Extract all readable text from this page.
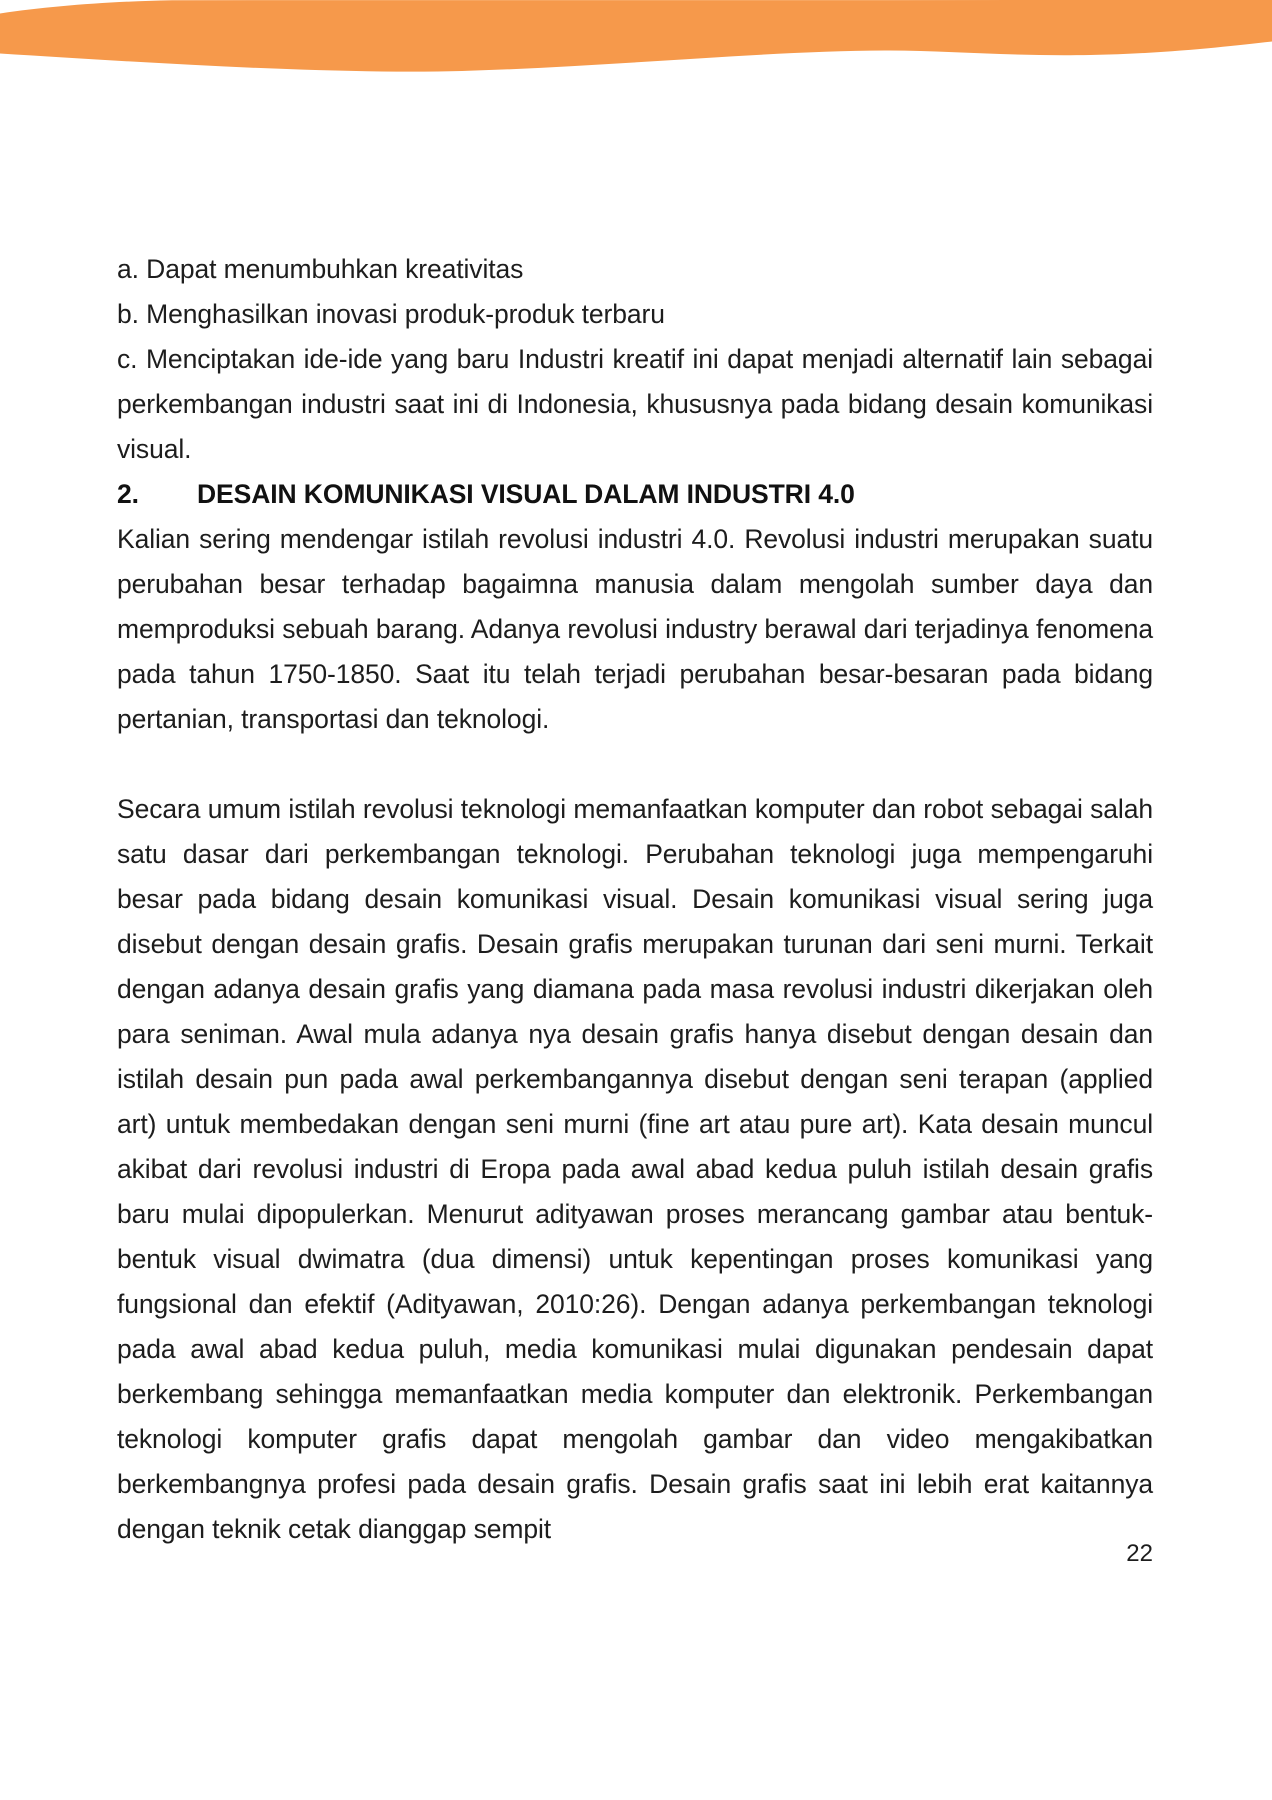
a. Dapat menumbuhkan kreativitas

b. Menghasilkan inovasi produk-produk terbaru

c. Menciptakan ide-ide yang baru Industri kreatif ini dapat menjadi alternatif lain sebagai perkembangan industri saat ini di Indonesia, khususnya pada bidang desain komunikasi visual.

2.	DESAIN KOMUNIKASI VISUAL DALAM INDUSTRI 4.0

Kalian sering mendengar istilah revolusi industri 4.0. Revolusi industri merupakan suatu perubahan besar terhadap bagaimna manusia dalam mengolah sumber daya dan memproduksi sebuah barang. Adanya revolusi industry berawal dari terjadinya fenomena pada tahun 1750-1850. Saat itu telah terjadi perubahan besar-besaran pada bidang pertanian, transportasi dan teknologi.

Secara umum istilah revolusi teknologi memanfaatkan komputer dan robot sebagai salah satu dasar dari perkembangan teknologi. Perubahan teknologi juga mempengaruhi besar pada bidang desain komunikasi visual. Desain komunikasi visual sering juga disebut dengan desain grafis. Desain grafis merupakan turunan dari seni murni. Terkait dengan adanya desain grafis yang diamana pada masa revolusi industri dikerjakan oleh para seniman. Awal mula adanya nya desain grafis hanya disebut dengan desain dan istilah desain pun pada awal perkembangannya disebut dengan seni terapan (applied art) untuk membedakan dengan seni murni (fine art atau pure art). Kata desain muncul akibat dari revolusi industri di Eropa pada awal abad kedua puluh istilah desain grafis baru mulai dipopulerkan. Menurut adityawan proses merancang gambar atau bentuk-bentuk visual dwimatra (dua dimensi) untuk kepentingan proses komunikasi yang fungsional dan efektif (Adityawan, 2010:26). Dengan adanya perkembangan teknologi pada awal abad kedua puluh, media komunikasi mulai digunakan pendesain dapat berkembang sehingga memanfaatkan media komputer dan elektronik. Perkembangan teknologi komputer grafis dapat mengolah gambar dan video mengakibatkan berkembangnya profesi pada desain grafis. Desain grafis saat ini lebih erat kaitannya dengan teknik cetak dianggap sempit

22
